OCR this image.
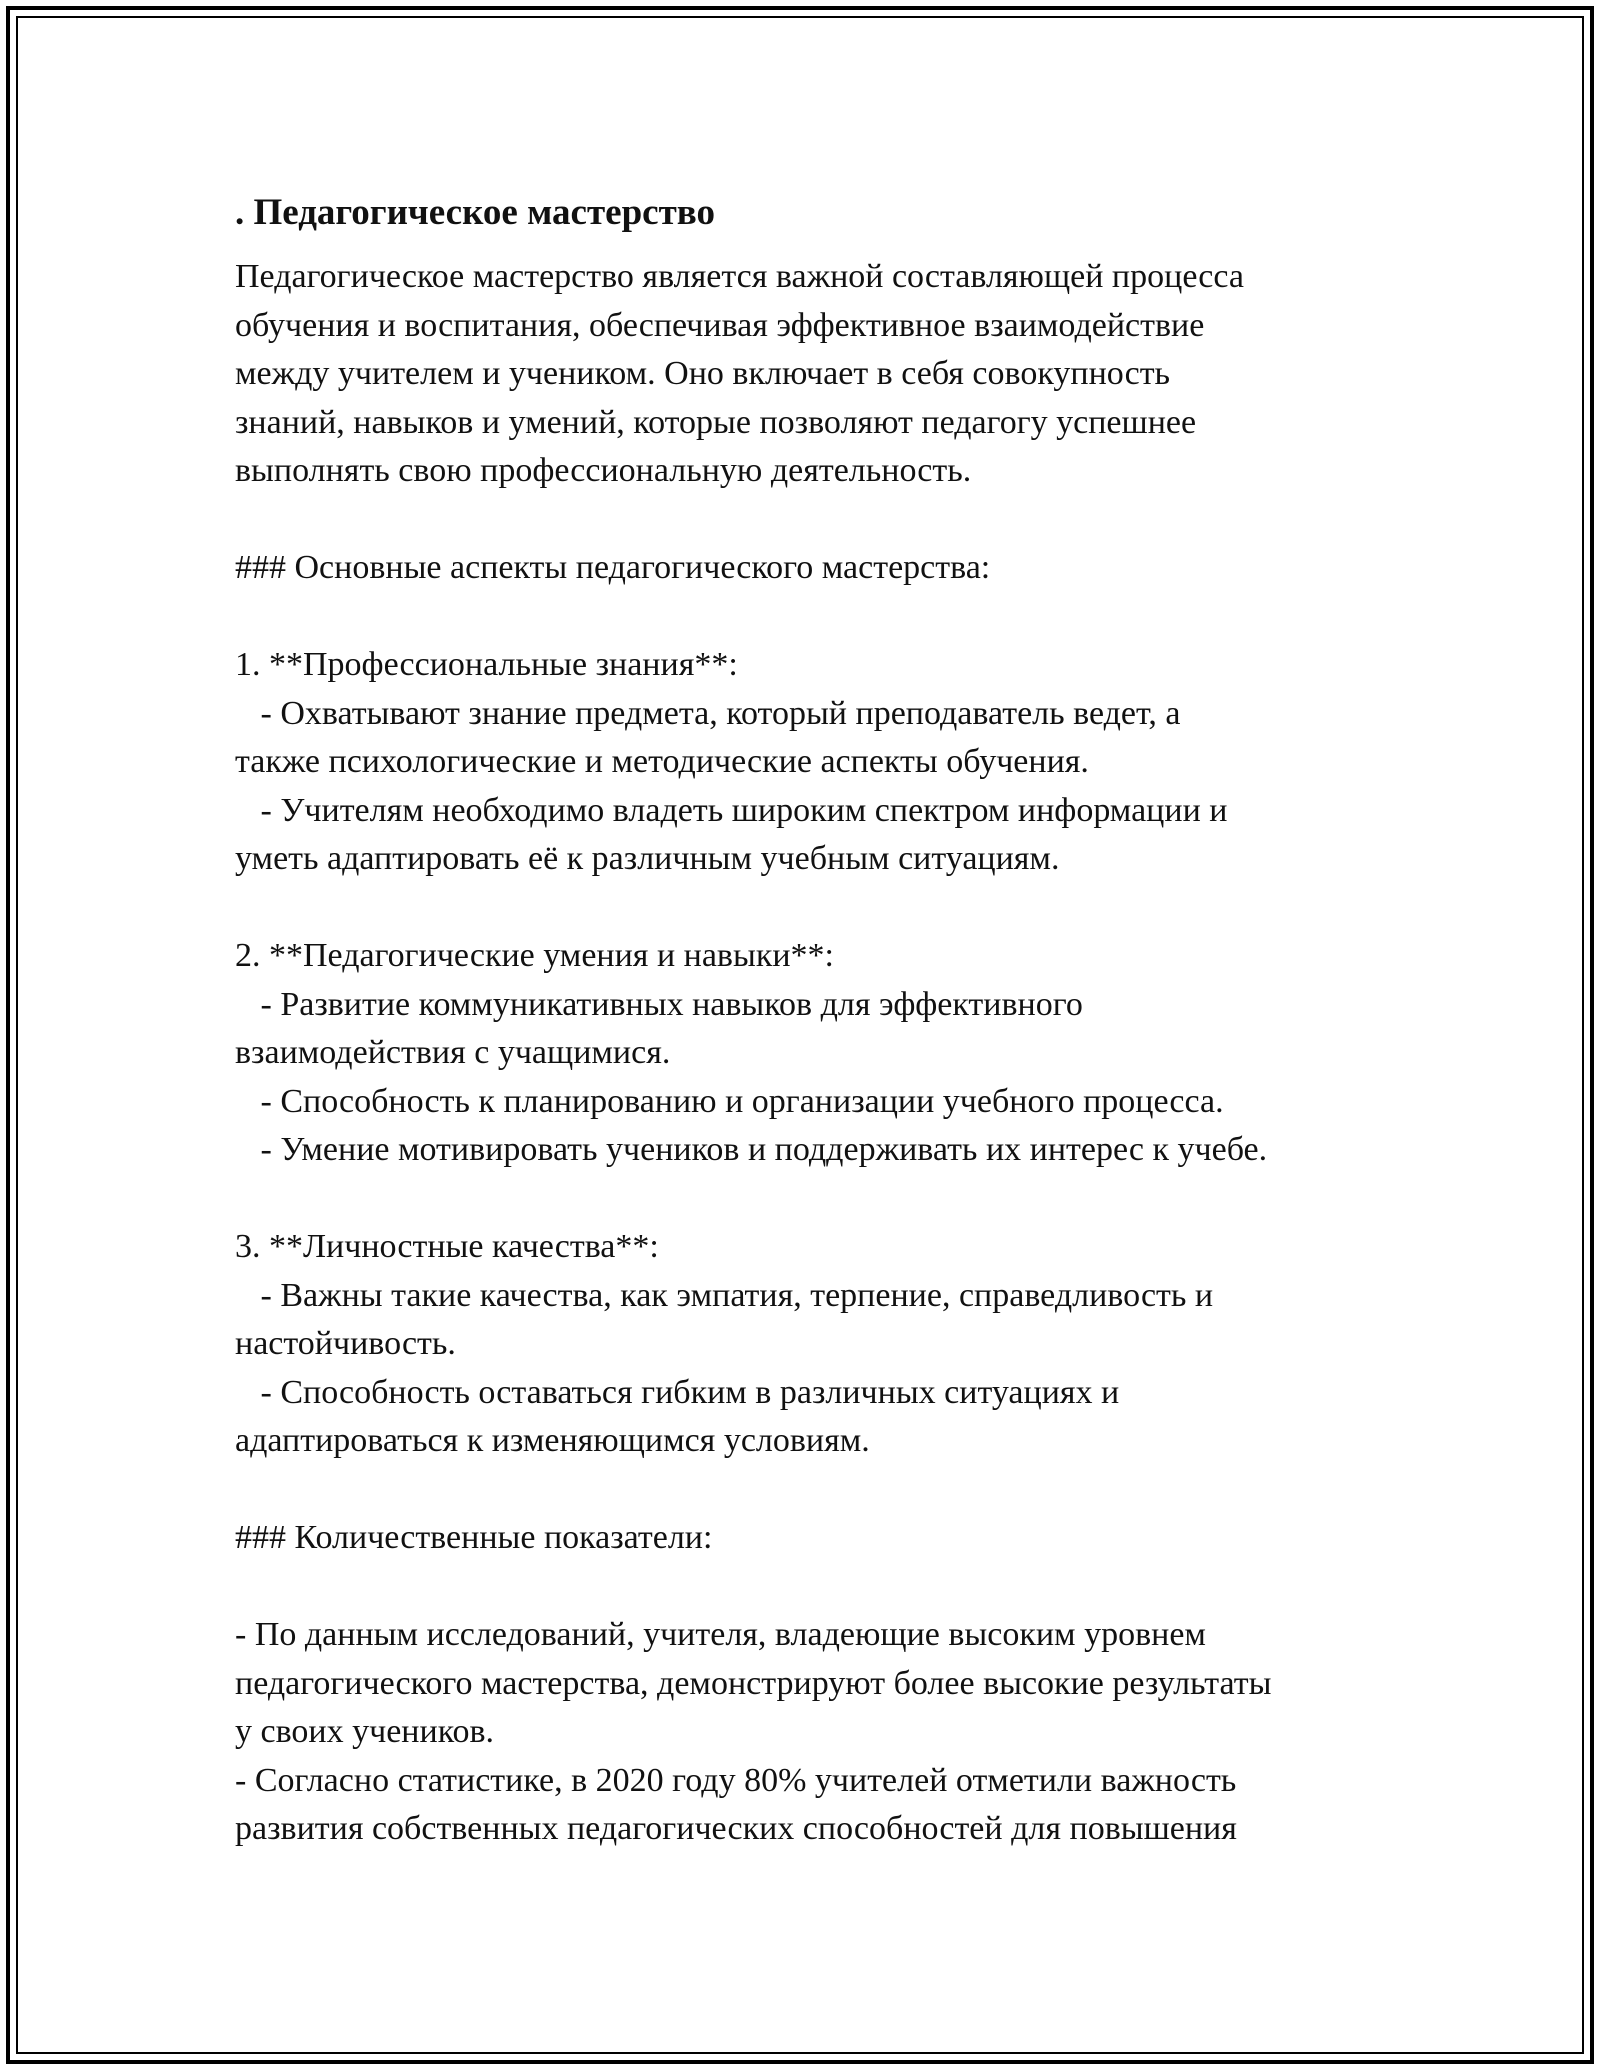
. Педагогическое мастерство

Педагогическое мастерство является важной составляющей процесса

обучения и воспитания, обеспечивая эффективное взаимодействие

между учителем и учеником. Оно включает в себя совокупность

знаний, навыков и умений, которые позволяют педагогу успешнее

выполнять свою профессиональную деятельность.

### Основные аспекты педагогического мастерства:

1. **Профессиональные знания**:

- Охватывают знание предмета, который преподаватель ведет, а

также психологические и методические аспекты обучения.

- Учителям необходимо владеть широким спектром информации и

уметь адаптировать её к различным учебным ситуациям.

2. **Педагогические умения и навыки**:

- Развитие коммуникативных навыков для эффективного

взаимодействия с учащимися.

- Способность к планированию и организации учебного процесса.

- Умение мотивировать учеников и поддерживать их интерес к учебе.

3. **Личностные качества**:

- Важны такие качества, как эмпатия, терпение, справедливость и

настойчивость.

- Способность оставаться гибким в различных ситуациях и

адаптироваться к изменяющимся условиям.

### Количественные показатели:

- По данным исследований, учителя, владеющие высоким уровнем

педагогического мастерства, демонстрируют более высокие результаты

у своих учеников.

- Согласно статистике, в 2020 году 80% учителей отметили важность

развития собственных педагогических способностей для повышения
